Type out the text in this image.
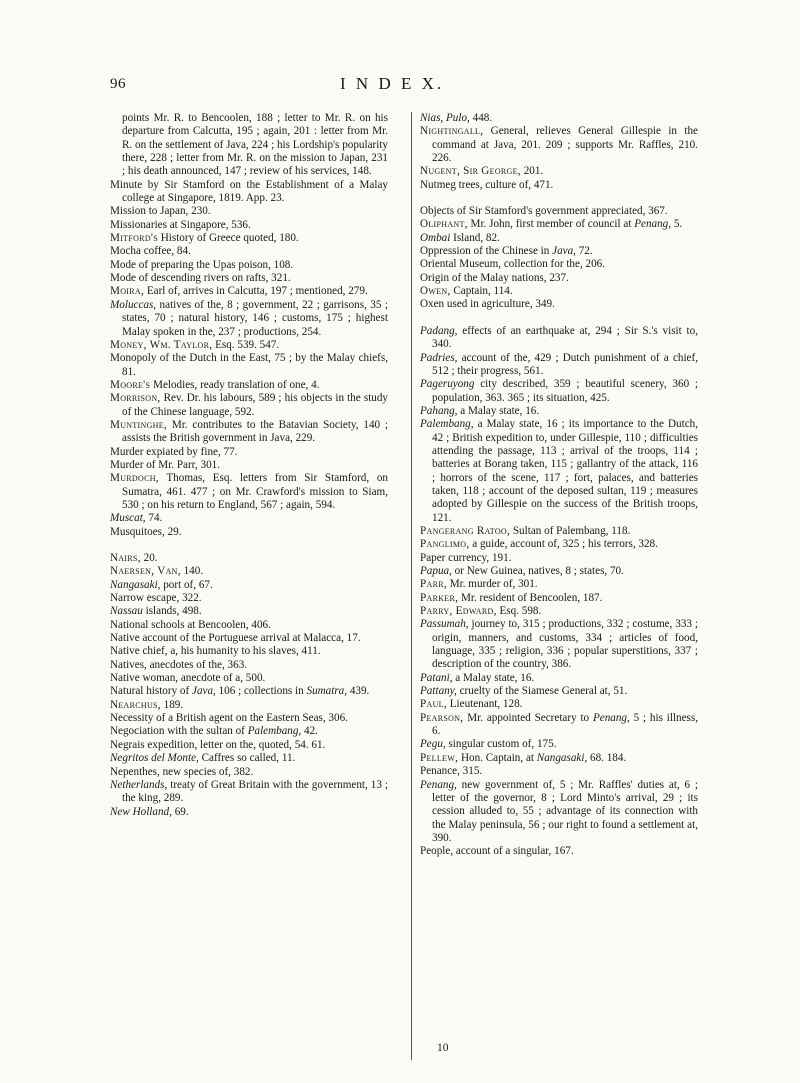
96	I N D E X.

points Mr. R. to Bencoolen, 188 ; letter to Mr. R. on his departure from Calcutta, 195 ; again, 201 : letter from Mr. R. on the settlement of Java, 224 ; his Lordship's popularity there, 228 ; letter from Mr. R. on the mission to Japan, 231 ; his death announced, 147 ; review of his services, 148.

Minute by Sir Stamford on the Establishment of a Malay college at Singapore, 1819. App. 23.

Mission to Japan, 230.

Missionaries at Singapore, 536.

Mitford's History of Greece quoted, 180.

Mocha coffee, 84.

Mode of preparing the Upas poison, 108.

Mode of descending rivers on rafts, 321.

Moira, Earl of, arrives in Calcutta, 197 ; mentioned, 279.

Moluccas, natives of the, 8 ; government, 22 ; garrisons, 35 ; states, 70 ; natural history, 146 ; customs, 175 ; highest Malay spoken in the, 237 ; productions, 254.

Money, Wm. Taylor, Esq. 539. 547.

Monopoly of the Dutch in the East, 75 ; by the Malay chiefs, 81.

Moore's Melodies, ready translation of one, 4.

Morrison, Rev. Dr. his labours, 589 ; his objects in the study of the Chinese language, 592.

Muntinghe, Mr. contributes to the Batavian Society, 140 ; assists the British government in Java, 229.

Murder expiated by fine, 77.

Murder of Mr. Parr, 301.

Murdoch, Thomas, Esq. letters from Sir Stamford, on Sumatra, 461. 477 ; on Mr. Crawford's mission to Siam, 530 ; on his return to England, 567 ; again, 594.

Muscat, 74.

Musquitoes, 29.

Nairs, 20.

Naersen, Van, 140.

Nangasaki, port of, 67.

Narrow escape, 322.

Nassau islands, 498.

National schools at Bencoolen, 406.

Native account of the Portuguese arrival at Malacca, 17.

Native chief, a, his humanity to his slaves, 411.

Natives, anecdotes of the, 363.

Native woman, anecdote of a, 500.

Natural history of Java, 106 ; collections in Sumatra, 439.

Nearchus, 189.

Necessity of a British agent on the Eastern Seas, 306.

Negociation with the sultan of Palembang, 42.

Negrais expedition, letter on the, quoted, 54. 61.

Negritos del Monte, Caffres so called, 11.

Nepenthes, new species of, 382.

Netherlands, treaty of Great Britain with the government, 13 ; the king, 289.

New Holland, 69.

Nias, Pulo, 448.

Nightingall, General, relieves General Gillespie in the command at Java, 201. 209 ; supports Mr. Raffles, 210. 226.

Nugent, Sir George, 201.

Nutmeg trees, culture of, 471.

Objects of Sir Stamford's government appreciated, 367.

Oliphant, Mr. John, first member of council at Penang, 5.

Ombai Island, 82.

Oppression of the Chinese in Java, 72.

Oriental Museum, collection for the, 206.

Origin of the Malay nations, 237.

Owen, Captain, 114.

Oxen used in agriculture, 349.

Padang, effects of an earthquake at, 294 ; Sir S.'s visit to, 340.

Padries, account of the, 429 ; Dutch punishment of a chief, 512 ; their progress, 561.

Pageruyong city described, 359 ; beautiful scenery, 360 ; population, 363. 365 ; its situation, 425.

Pahang, a Malay state, 16.

Palembang, a Malay state, 16 ; its importance to the Dutch, 42 ; British expedition to, under Gillespie, 110 ; difficulties attending the passage, 113 ; arrival of the troops, 114 ; batteries at Borang taken, 115 ; gallantry of the attack, 116 ; horrors of the scene, 117 ; fort, palaces, and batteries taken, 118 ; account of the deposed sultan, 119 ; measures adopted by Gillespie on the success of the British troops, 121.

Pangerang Ratoo, Sultan of Palembang, 118.

Panglimo, a guide, account of, 325 ; his terrors, 328.

Paper currency, 191.

Papua, or New Guinea, natives, 8 ; states, 70.

Parr, Mr. murder of, 301.

Parker, Mr. resident of Bencoolen, 187.

Parry, Edward, Esq. 598.

Passumah, journey to, 315 ; productions, 332 ; costume, 333 ; origin, manners, and customs, 334 ; articles of food, language, 335 ; religion, 336 ; popular superstitions, 337 ; description of the country, 386.

Patani, a Malay state, 16.

Pattany, cruelty of the Siamese General at, 51.

Paul, Lieutenant, 128.

Pearson, Mr. appointed Secretary to Penang, 5 ; his illness, 6.

Pegu, singular custom of, 175.

Pellew, Hon. Captain, at Nangasaki, 68. 184.

Penance, 315.

Penang, new government of, 5 ; Mr. Raffles' duties at, 6 ; letter of the governor, 8 ; Lord Minto's arrival, 29 ; its cession alluded to, 55 ; advantage of its connection with the Malay peninsula, 56 ; our right to found a settlement at, 390.

People, account of a singular, 167.

10
